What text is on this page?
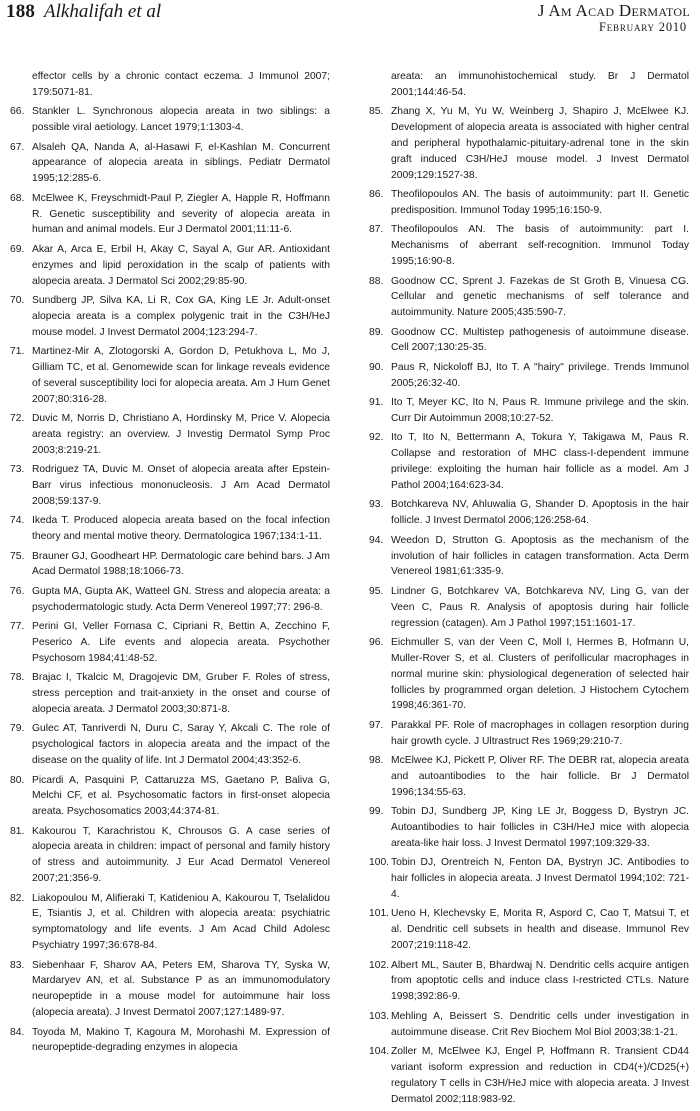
188 Alkhalifah et al	J Am Acad Dermatol
February 2010
effector cells by a chronic contact eczema. J Immunol 2007; 179:5071-81.
66. Stankler L. Synchronous alopecia areata in two siblings: a possible viral aetiology. Lancet 1979;1:1303-4.
67. Alsaleh QA, Nanda A, al-Hasawi F, el-Kashlan M. Concurrent appearance of alopecia areata in siblings. Pediatr Dermatol 1995;12:285-6.
68. McElwee K, Freyschmidt-Paul P, Ziegler A, Happle R, Hoffmann R. Genetic susceptibility and severity of alopecia areata in human and animal models. Eur J Dermatol 2001;11:11-6.
69. Akar A, Arca E, Erbil H, Akay C, Sayal A, Gur AR. Antioxidant enzymes and lipid peroxidation in the scalp of patients with alopecia areata. J Dermatol Sci 2002;29:85-90.
70. Sundberg JP, Silva KA, Li R, Cox GA, King LE Jr. Adult-onset alopecia areata is a complex polygenic trait in the C3H/HeJ mouse model. J Invest Dermatol 2004;123:294-7.
71. Martinez-Mir A, Zlotogorski A, Gordon D, Petukhova L, Mo J, Gilliam TC, et al. Genomewide scan for linkage reveals evidence of several susceptibility loci for alopecia areata. Am J Hum Genet 2007;80:316-28.
72. Duvic M, Norris D, Christiano A, Hordinsky M, Price V. Alopecia areata registry: an overview. J Investig Dermatol Symp Proc 2003;8:219-21.
73. Rodriguez TA, Duvic M. Onset of alopecia areata after Epstein-Barr virus infectious mononucleosis. J Am Acad Dermatol 2008;59:137-9.
74. Ikeda T. Produced alopecia areata based on the focal infection theory and mental motive theory. Dermatologica 1967;134:1-11.
75. Brauner GJ, Goodheart HP. Dermatologic care behind bars. J Am Acad Dermatol 1988;18:1066-73.
76. Gupta MA, Gupta AK, Watteel GN. Stress and alopecia areata: a psychodermatologic study. Acta Derm Venereol 1997;77: 296-8.
77. Perini GI, Veller Fornasa C, Cipriani R, Bettin A, Zecchino F, Peserico A. Life events and alopecia areata. Psychother Psychosom 1984;41:48-52.
78. Brajac I, Tkalcic M, Dragojevic DM, Gruber F. Roles of stress, stress perception and trait-anxiety in the onset and course of alopecia areata. J Dermatol 2003;30:871-8.
79. Gulec AT, Tanriverdi N, Duru C, Saray Y, Akcali C. The role of psychological factors in alopecia areata and the impact of the disease on the quality of life. Int J Dermatol 2004;43:352-6.
80. Picardi A, Pasquini P, Cattaruzza MS, Gaetano P, Baliva G, Melchi CF, et al. Psychosomatic factors in first-onset alopecia areata. Psychosomatics 2003;44:374-81.
81. Kakourou T, Karachristou K, Chrousos G. A case series of alopecia areata in children: impact of personal and family history of stress and autoimmunity. J Eur Acad Dermatol Venereol 2007;21:356-9.
82. Liakopoulou M, Alifieraki T, Katideniou A, Kakourou T, Tselalidou E, Tsiantis J, et al. Children with alopecia areata: psychiatric symptomatology and life events. J Am Acad Child Adolesc Psychiatry 1997;36:678-84.
83. Siebenhaar F, Sharov AA, Peters EM, Sharova TY, Syska W, Mardaryev AN, et al. Substance P as an immunomodulatory neuropeptide in a mouse model for autoimmune hair loss (alopecia areata). J Invest Dermatol 2007;127:1489-97.
84. Toyoda M, Makino T, Kagoura M, Morohashi M. Expression of neuropeptide-degrading enzymes in alopecia
areata: an immunohistochemical study. Br J Dermatol 2001;144:46-54.
85. Zhang X, Yu M, Yu W, Weinberg J, Shapiro J, McElwee KJ. Development of alopecia areata is associated with higher central and peripheral hypothalamic-pituitary-adrenal tone in the skin graft induced C3H/HeJ mouse model. J Invest Dermatol 2009;129:1527-38.
86. Theofilopoulos AN. The basis of autoimmunity: part II. Genetic predisposition. Immunol Today 1995;16:150-9.
87. Theofilopoulos AN. The basis of autoimmunity: part I. Mechanisms of aberrant self-recognition. Immunol Today 1995;16:90-8.
88. Goodnow CC, Sprent J. Fazekas de St Groth B, Vinuesa CG. Cellular and genetic mechanisms of self tolerance and autoimmunity. Nature 2005;435:590-7.
89. Goodnow CC. Multistep pathogenesis of autoimmune disease. Cell 2007;130:25-35.
90. Paus R, Nickoloff BJ, Ito T. A ''hairy'' privilege. Trends Immunol 2005;26:32-40.
91. Ito T, Meyer KC, Ito N, Paus R. Immune privilege and the skin. Curr Dir Autoimmun 2008;10:27-52.
92. Ito T, Ito N, Bettermann A, Tokura Y, Takigawa M, Paus R. Collapse and restoration of MHC class-I-dependent immune privilege: exploiting the human hair follicle as a model. Am J Pathol 2004;164:623-34.
93. Botchkareva NV, Ahluwalia G, Shander D. Apoptosis in the hair follicle. J Invest Dermatol 2006;126:258-64.
94. Weedon D, Strutton G. Apoptosis as the mechanism of the involution of hair follicles in catagen transformation. Acta Derm Venereol 1981;61:335-9.
95. Lindner G, Botchkarev VA, Botchkareva NV, Ling G, van der Veen C, Paus R. Analysis of apoptosis during hair follicle regression (catagen). Am J Pathol 1997;151:1601-17.
96. Eichmuller S, van der Veen C, Moll I, Hermes B, Hofmann U, Muller-Rover S, et al. Clusters of perifollicular macrophages in normal murine skin: physiological degeneration of selected hair follicles by programmed organ deletion. J Histochem Cytochem 1998;46:361-70.
97. Parakkal PF. Role of macrophages in collagen resorption during hair growth cycle. J Ultrastruct Res 1969;29:210-7.
98. McElwee KJ, Pickett P, Oliver RF. The DEBR rat, alopecia areata and autoantibodies to the hair follicle. Br J Dermatol 1996;134:55-63.
99. Tobin DJ, Sundberg JP, King LE Jr, Boggess D, Bystryn JC. Autoantibodies to hair follicles in C3H/HeJ mice with alopecia areata-like hair loss. J Invest Dermatol 1997;109:329-33.
100. Tobin DJ, Orentreich N, Fenton DA, Bystryn JC. Antibodies to hair follicles in alopecia areata. J Invest Dermatol 1994;102: 721-4.
101. Ueno H, Klechevsky E, Morita R, Aspord C, Cao T, Matsui T, et al. Dendritic cell subsets in health and disease. Immunol Rev 2007;219:118-42.
102. Albert ML, Sauter B, Bhardwaj N. Dendritic cells acquire antigen from apoptotic cells and induce class I-restricted CTLs. Nature 1998;392:86-9.
103. Mehling A, Beissert S. Dendritic cells under investigation in autoimmune disease. Crit Rev Biochem Mol Biol 2003;38:1-21.
104. Zoller M, McElwee KJ, Engel P, Hoffmann R. Transient CD44 variant isoform expression and reduction in CD4(+)/CD25(+) regulatory T cells in C3H/HeJ mice with alopecia areata. J Invest Dermatol 2002;118:983-92.
